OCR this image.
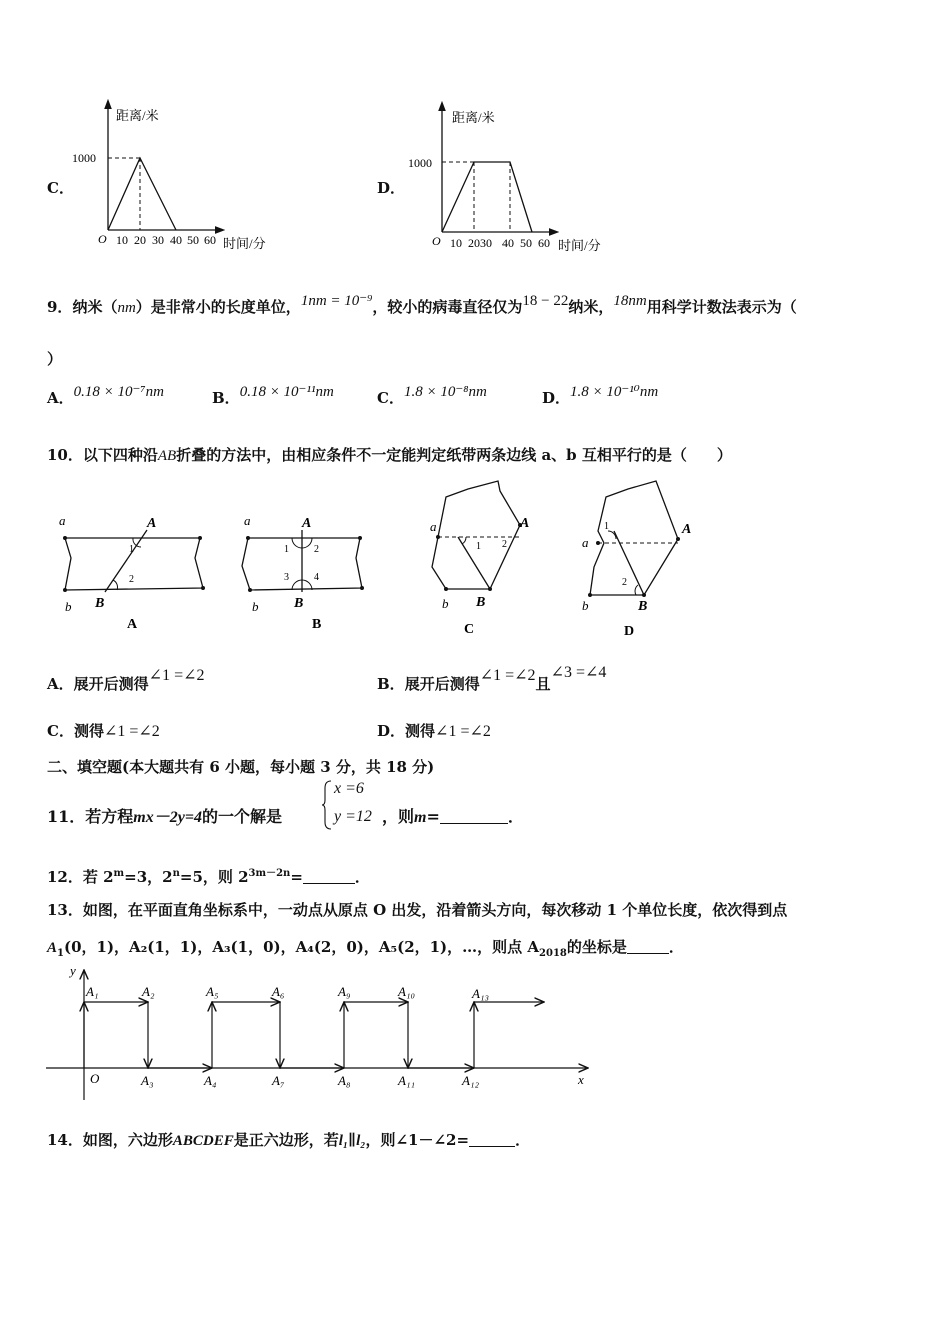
C．
距离/米
1000
O 10 20 30 40 50 60 时间/分
D．
距离/米
1000
O 10 2030 40 50 60 时间/分
9．纳米（nm）是非常小的长度单位，1nm = 10⁻⁹，较小的病毒直径仅为18 − 22纳米，18nm用科学计数法表示为（
）
A．0.18 × 10⁻⁷nm	B．0.18 × 10⁻¹¹nm	C．1.8 × 10⁻⁸nm	D．1.8 × 10⁻¹⁰nm
10．以下四种沿AB折叠的方法中，由相应条件不一定能判定纸带两条边线 a、b 互相平行的是（　　）
a	A
1
2
b B
A
a	A
1	2
3	4
b	B
B
a	A
1 2
b B
C
a
A
1
2
b	B
D
A．展开后测得∠1 =∠2	B．展开后测得∠1 =∠2且∠3 =∠4
C．测得∠1 =∠2	D．测得∠1 =∠2
二、填空题(本大题共有 6 小题，每小题 3 分，共 18 分)
11．若方程mx－2y=4的一个解是
x =6
y =12 ，则m=	．
12．若 $2^m=3$，$2^n=5$，则 $2^{3m-2n}=$	．
13．如图，在平面直角坐标系中，一动点从原点 O 出发，沿着箭头方向，每次移动 1 个单位长度，依次得到点
$A_1(0$，1)，A₂(1，1)，A₃(1，0)，A₄(2，0)，A₅(2，1)，…，则点 $A_{2018}$的坐标是	．
y
x
O
A₁	A₂
A₃	A₄
A₅	A₆
A₇	A₈
A₉	A₁₀
A₁₁	A₁₂
A₁₃
14．如图，六边形ABCDEF是正六边形，若l₁∥l₂，则∠1－∠2=	．
